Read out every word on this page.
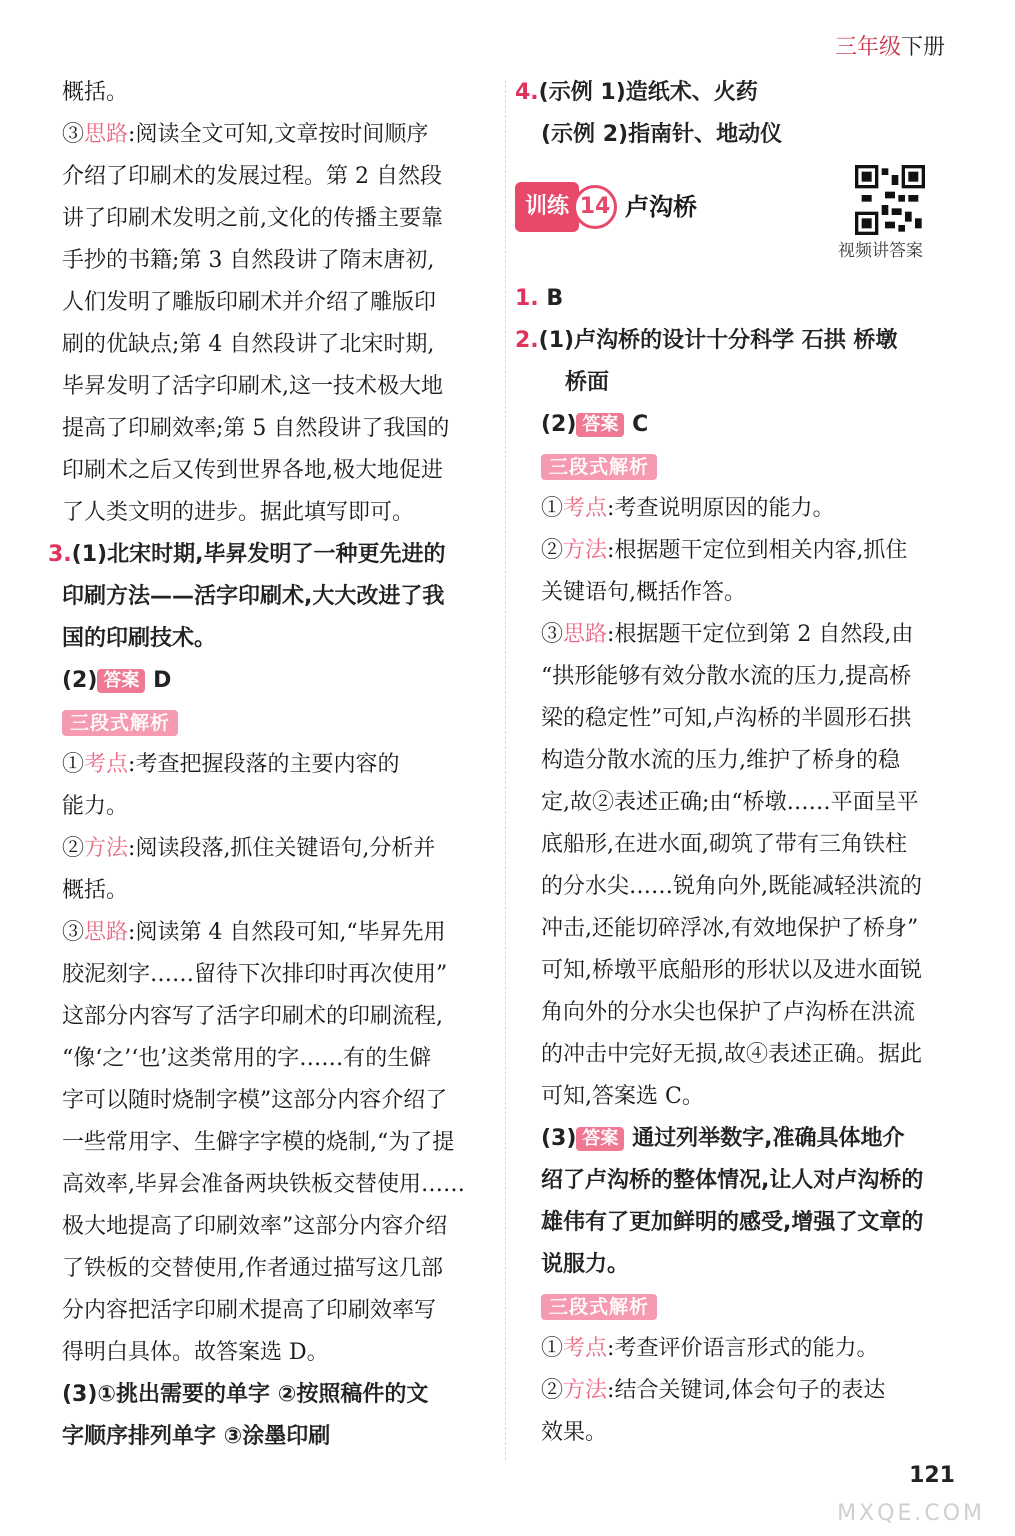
三年级下册

概括。

③思路:阅读全文可知,文章按时间顺序

介绍了印刷术的发展过程。第 2 自然段

讲了印刷术发明之前,文化的传播主要靠

手抄的书籍;第 3 自然段讲了隋末唐初,

人们发明了雕版印刷术并介绍了雕版印

刷的优缺点;第 4 自然段讲了北宋时期,

毕昇发明了活字印刷术,这一技术极大地

提高了印刷效率;第 5 自然段讲了我国的

印刷术之后又传到世界各地,极大地促进

了人类文明的进步。据此填写即可。

3.(1)北宋时期,毕昇发明了一种更先进的

印刷方法——活字印刷术,大大改进了我

国的印刷技术。

(2) 答案 D

三段式解析

①考点:考查把握段落的主要内容的

能力。

②方法:阅读段落,抓住关键语句,分析并

概括。

③思路:阅读第 4 自然段可知,“毕昇先用

胶泥刻字……留待下次排印时再次使用”

这部分内容写了活字印刷术的印刷流程,

“像‘之’‘也’这类常用的字……有的生僻

字可以随时烧制字模”这部分内容介绍了

一些常用字、生僻字字模的烧制,“为了提

高效率,毕昇会准备两块铁板交替使用……

极大地提高了印刷效率”这部分内容介绍

了铁板的交替使用,作者通过描写这几部

分内容把活字印刷术提高了印刷效率写

得明白具体。故答案选 D。

(3)①挑出需要的单字 ②按照稿件的文

字顺序排列单字 ③涂墨印刷

4.(示例 1)造纸术、火药

(示例 2)指南针、地动仪

训练 14 卢沟桥

1. B

2.(1)卢沟桥的设计十分科学 石拱 桥墩

桥面

(2) 答案 C

三段式解析

①考点:考查说明原因的能力。

②方法:根据题干定位到相关内容,抓住

关键语句,概括作答。

③思路:根据题干定位到第 2 自然段,由

“拱形能够有效分散水流的压力,提高桥

梁的稳定性”可知,卢沟桥的半圆形石拱

构造分散水流的压力,维护了桥身的稳

定,故②表述正确;由“桥墩……平面呈平

底船形,在进水面,砌筑了带有三角铁柱

的分水尖……锐角向外,既能减轻洪流的

冲击,还能切碎浮冰,有效地保护了桥身”

可知,桥墩平底船形的形状以及进水面锐

角向外的分水尖也保护了卢沟桥在洪流

的冲击中完好无损,故④表述正确。据此

可知,答案选 C。

(3) 答案 通过列举数字,准确具体地介

绍了卢沟桥的整体情况,让人对卢沟桥的

雄伟有了更加鲜明的感受,增强了文章的

说服力。

三段式解析

①考点:考查评价语言形式的能力。

②方法:结合关键词,体会句子的表达

效果。

视频讲答案
121
MXQE.COM
